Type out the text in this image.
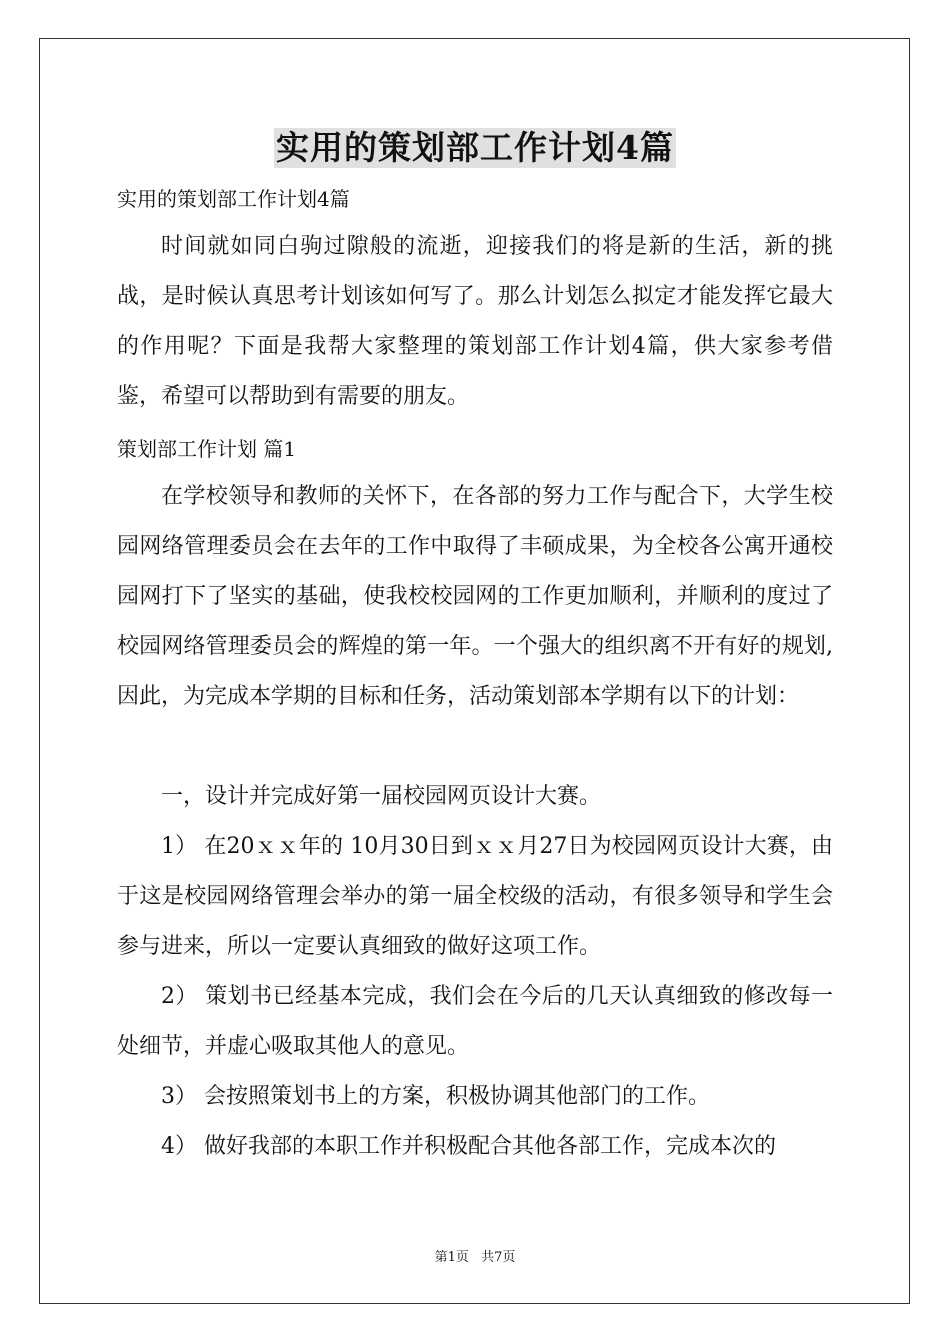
实用的策划部工作计划4篇
实用的策划部工作计划4篇

时间就如同白驹过隙般的流逝，迎接我们的将是新的生活，新的挑战，是时候认真思考计划该如何写了。那么计划怎么拟定才能发挥它最大的作用呢？下面是我帮大家整理的策划部工作计划4篇，供大家参考借鉴，希望可以帮助到有需要的朋友。

策划部工作计划 篇1

在学校领导和教师的关怀下，在各部的努力工作与配合下，大学生校园网络管理委员会在去年的工作中取得了丰硕成果，为全校各公寓开通校园网打下了坚实的基础，使我校校园网的工作更加顺利，并顺利的度过了校园网络管理委员会的辉煌的第一年。一个强大的组织离不开有好的规划,因此，为完成本学期的目标和任务，活动策划部本学期有以下的计划：

一，设计并完成好第一届校园网页设计大赛。

1） 在20ｘｘ年的 10月30日到ｘｘ月27日为校园网页设计大赛，由于这是校园网络管理会举办的第一届全校级的活动，有很多领导和学生会参与进来，所以一定要认真细致的做好这项工作。

2） 策划书已经基本完成，我们会在今后的几天认真细致的修改每一处细节，并虚心吸取其他人的意见。

3） 会按照策划书上的方案，积极协调其他部门的工作。

4） 做好我部的本职工作并积极配合其他各部工作，完成本次的

第1页 共7页
